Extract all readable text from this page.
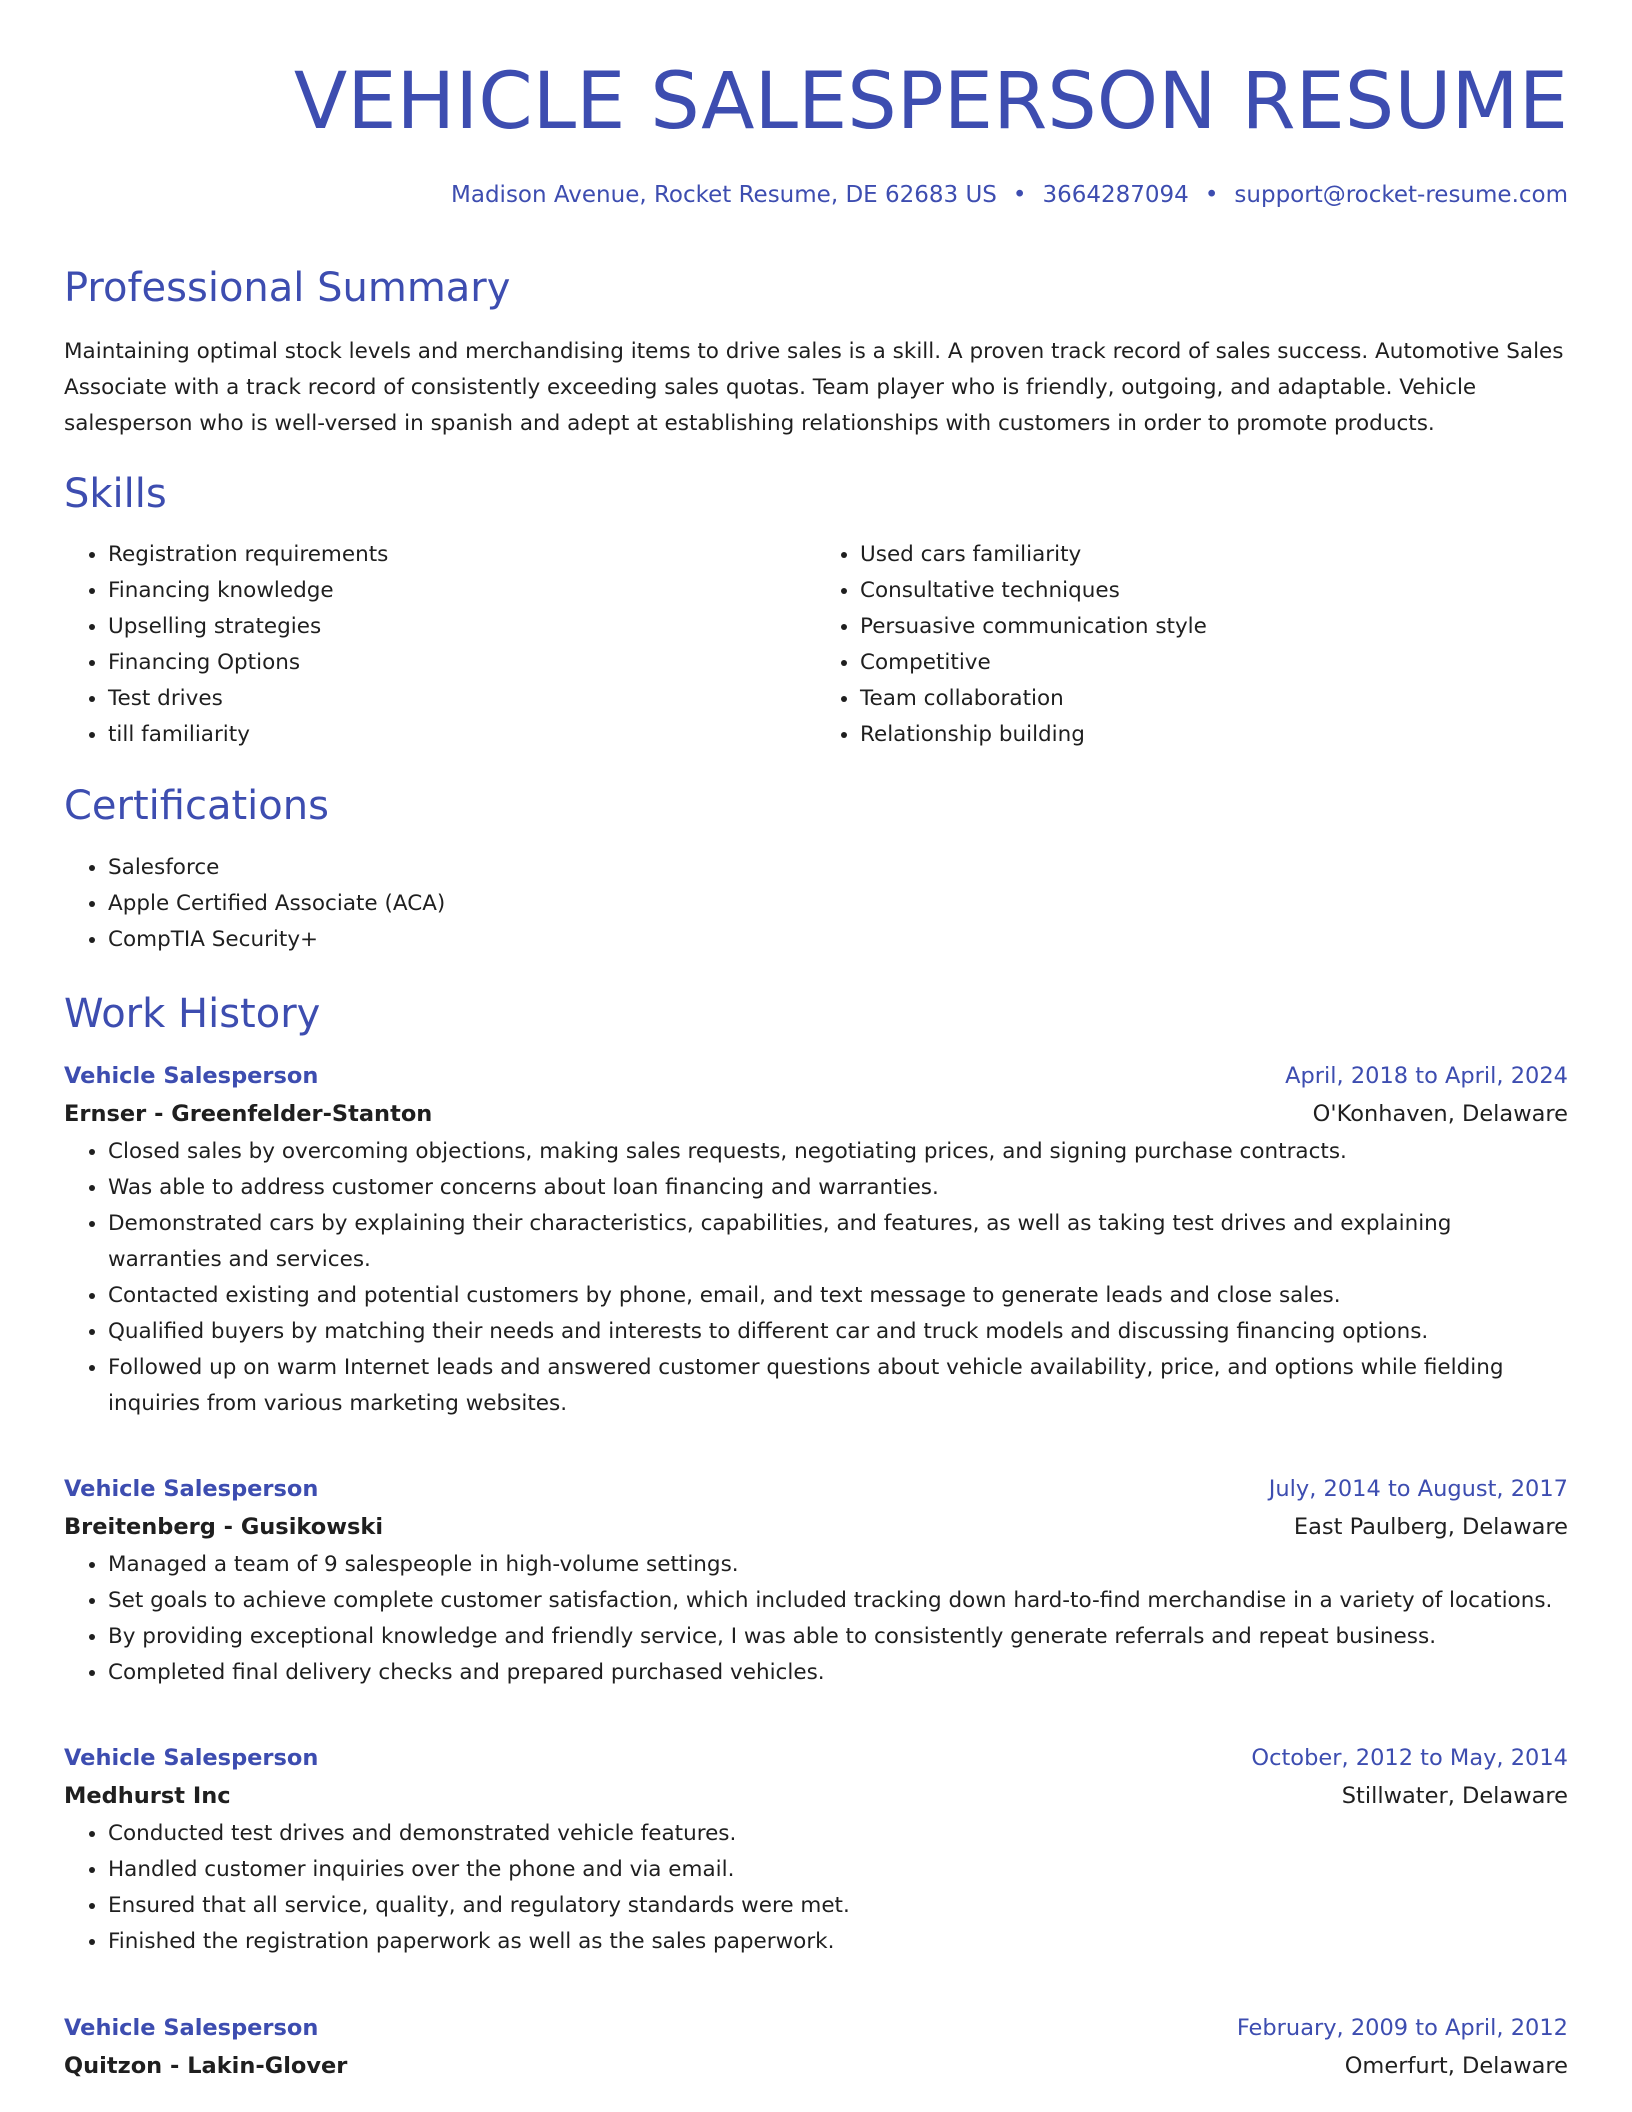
VEHICLE SALESPERSON RESUME
Madison Avenue, Rocket Resume, DE 62683 US • 3664287094 • support@rocket-resume.com
Professional Summary

Maintaining optimal stock levels and merchandising items to drive sales is a skill. A proven track record of sales success. Automotive Sales Associate with a track record of consistently exceeding sales quotas. Team player who is friendly, outgoing, and adaptable. Vehicle salesperson who is well-versed in spanish and adept at establishing relationships with customers in order to promote products.

Skills
• Registration requirements
• Financing knowledge
• Upselling strategies
• Financing Options
• Test drives
• till familiarity
• Used cars familiarity
• Consultative techniques
• Persuasive communication style
• Competitive
• Team collaboration
• Relationship building
Certifications
• Salesforce
• Apple Certified Associate (ACA)
• CompTIA Security+
Work History
Vehicle Salesperson	April, 2018 to April, 2024
Ernser - Greenfelder-Stanton	O'Konhaven, Delaware
• Closed sales by overcoming objections, making sales requests, negotiating prices, and signing purchase contracts.
• Was able to address customer concerns about loan financing and warranties.
• Demonstrated cars by explaining their characteristics, capabilities, and features, as well as taking test drives and explaining warranties and services.
• Contacted existing and potential customers by phone, email, and text message to generate leads and close sales.
• Qualified buyers by matching their needs and interests to different car and truck models and discussing financing options.
• Followed up on warm Internet leads and answered customer questions about vehicle availability, price, and options while fielding inquiries from various marketing websites.
Vehicle Salesperson	July, 2014 to August, 2017
Breitenberg - Gusikowski	East Paulberg, Delaware
• Managed a team of 9 salespeople in high-volume settings.
• Set goals to achieve complete customer satisfaction, which included tracking down hard-to-find merchandise in a variety of locations.
• By providing exceptional knowledge and friendly service, I was able to consistently generate referrals and repeat business.
• Completed final delivery checks and prepared purchased vehicles.
Vehicle Salesperson	October, 2012 to May, 2014
Medhurst Inc	Stillwater, Delaware
• Conducted test drives and demonstrated vehicle features.
• Handled customer inquiries over the phone and via email.
• Ensured that all service, quality, and regulatory standards were met.
• Finished the registration paperwork as well as the sales paperwork.
Vehicle Salesperson	February, 2009 to April, 2012
Quitzon - Lakin-Glover	Omerfurt, Delaware
